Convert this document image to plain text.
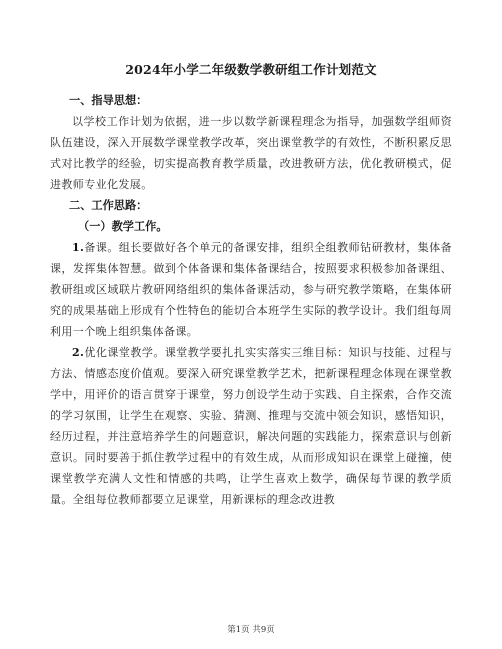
2024年小学二年级数学教研组工作计划范文

一、指导思想：

以学校工作计划为依据，进一步以数学新课程理念为指导，加强数学组师资队伍建设，深入开展数学课堂教学改革，突出课堂教学的有效性，不断积累反思式对比教学的经验，切实提高教育教学质量，改进教研方法，优化教研模式，促进教师专业化发展。

二、工作思路：

（一）教学工作。

1.备课。组长要做好各个单元的备课安排，组织全组教师钻研教材，集体备课，发挥集体智慧。做到个体备课和集体备课结合，按照要求积极参加备课组、教研组或区域联片教研网络组织的集体备课活动，参与研究教学策略，在集体研究的成果基础上形成有个性特色的能切合本班学生实际的教学设计。我们组每周利用一个晚上组织集体备课。

2.优化课堂教学。课堂教学要扎扎实实落实三维目标：知识与技能、过程与方法、情感态度价值观。要深入研究课堂教学艺术，把新课程理念体现在课堂教学中，用评价的语言贯穿于课堂，努力创设学生动于实践、自主探索，合作交流的学习氛围，让学生在观察、实验、猜测、推理与交流中领会知识，感悟知识，经历过程，并注意培养学生的问题意识，解决问题的实践能力，探索意识与创新意识。同时要善于抓住教学过程中的有效生成，从而形成知识在课堂上碰撞，使课堂教学充满人文性和情感的共鸣，让学生喜欢上数学，确保每节课的教学质量。全组每位教师都要立足课堂，用新课标的理念改进教

第1页 共9页
